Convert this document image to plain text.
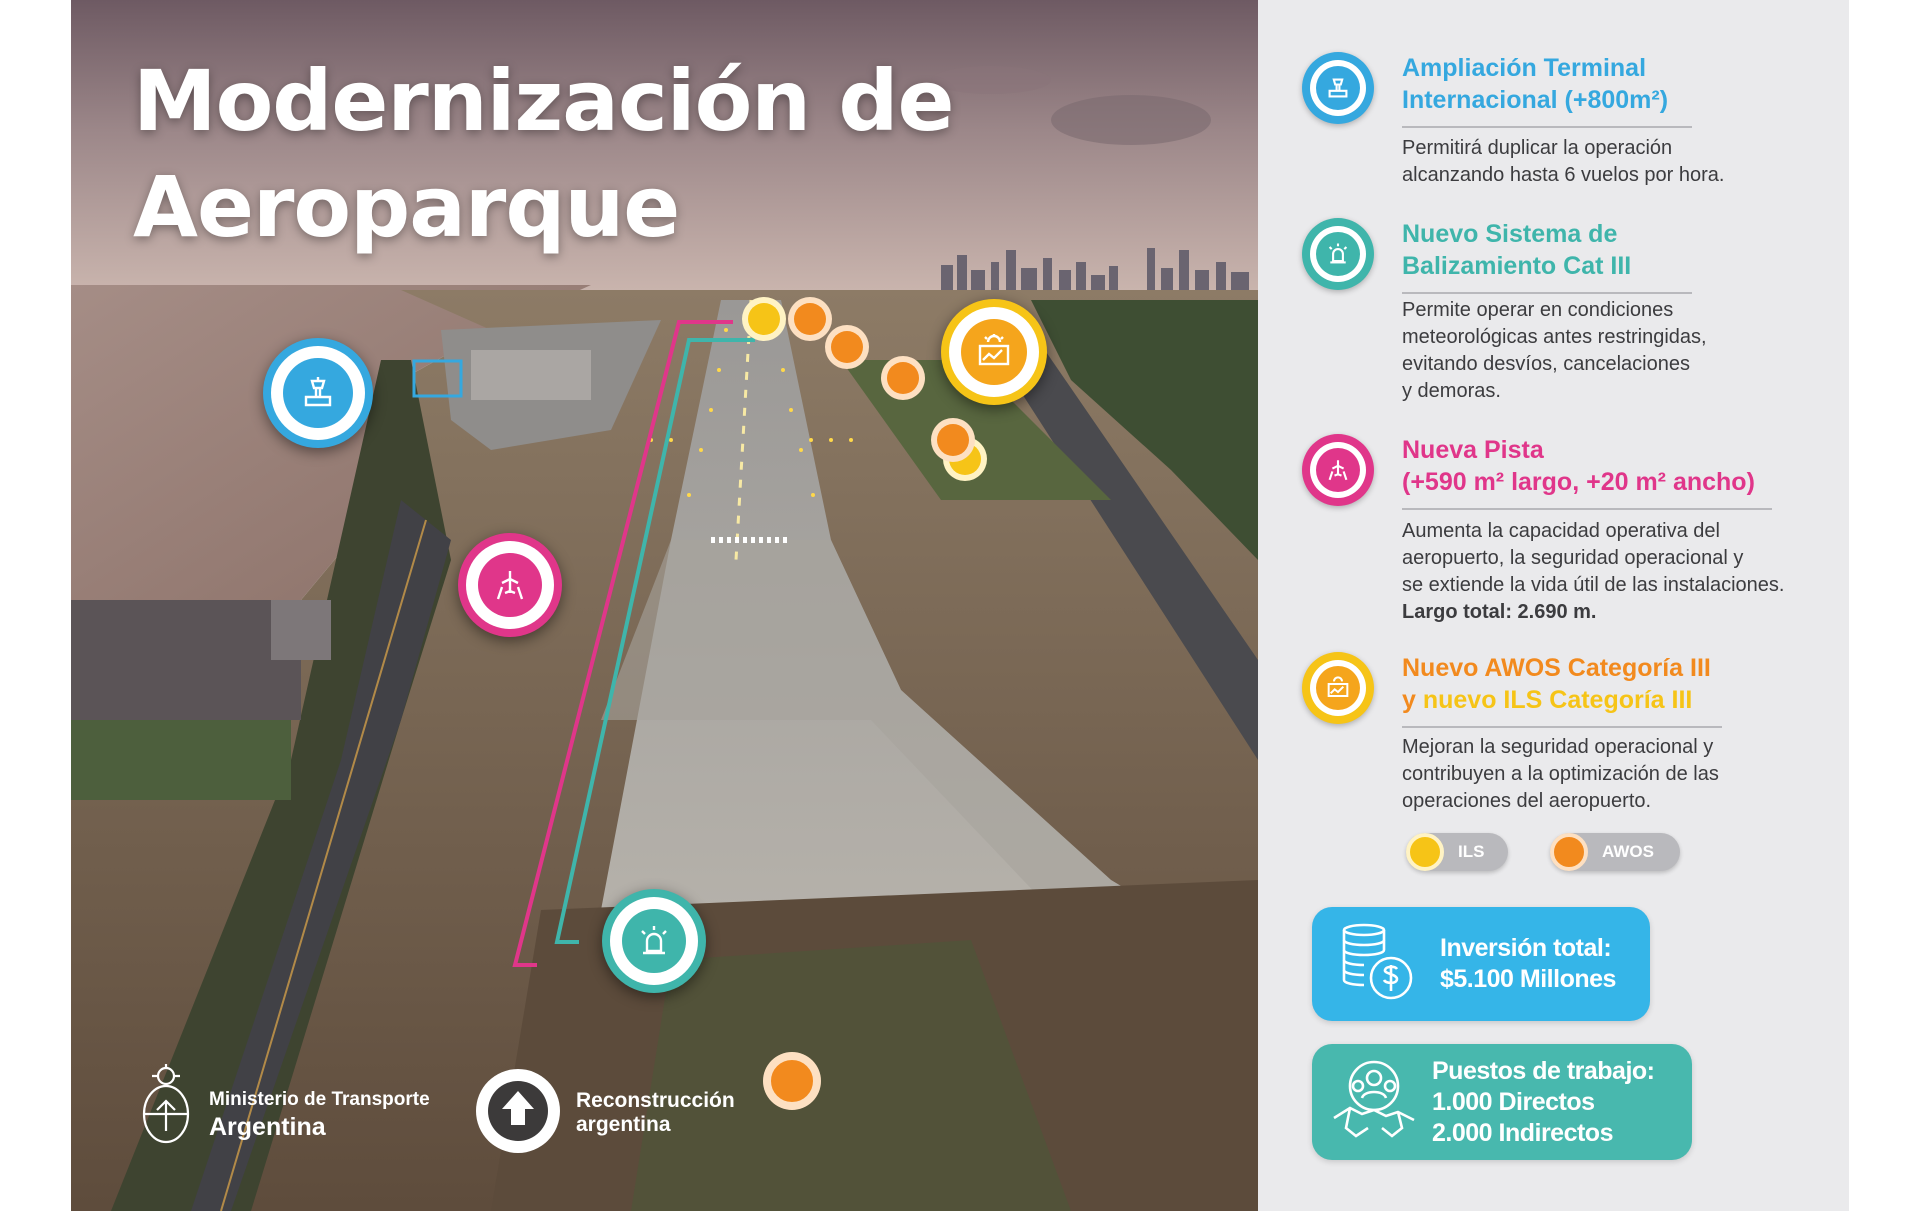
Modernización de
Aeroparque
Ministerio de Transporte
Argentina
Reconstrucción
argentina
Ampliación Terminal
Internacional (+800m²)

Permitirá duplicar la operación
alcanzando hasta 6 vuelos por hora.

Nuevo Sistema de
Balizamiento Cat III

Permite operar en condiciones
meteorológicas antes restringidas,
evitando desvíos, cancelaciones
y demoras.

Nueva Pista
(+590 m² largo, +20 m² ancho)

Aumenta la capacidad operativa del
aeropuerto, la seguridad operacional y
se extiende la vida útil de las instalaciones.
Largo total: 2.690 m.

Nuevo AWOS Categoría III
y nuevo ILS Categoría III

Mejoran la seguridad operacional y
contribuyen a la optimización de las
operaciones del aeropuerto.

ILS	AWOS
Inversión total:
$5.100 Millones
Puestos de trabajo:
1.000 Directos
2.000 Indirectos
